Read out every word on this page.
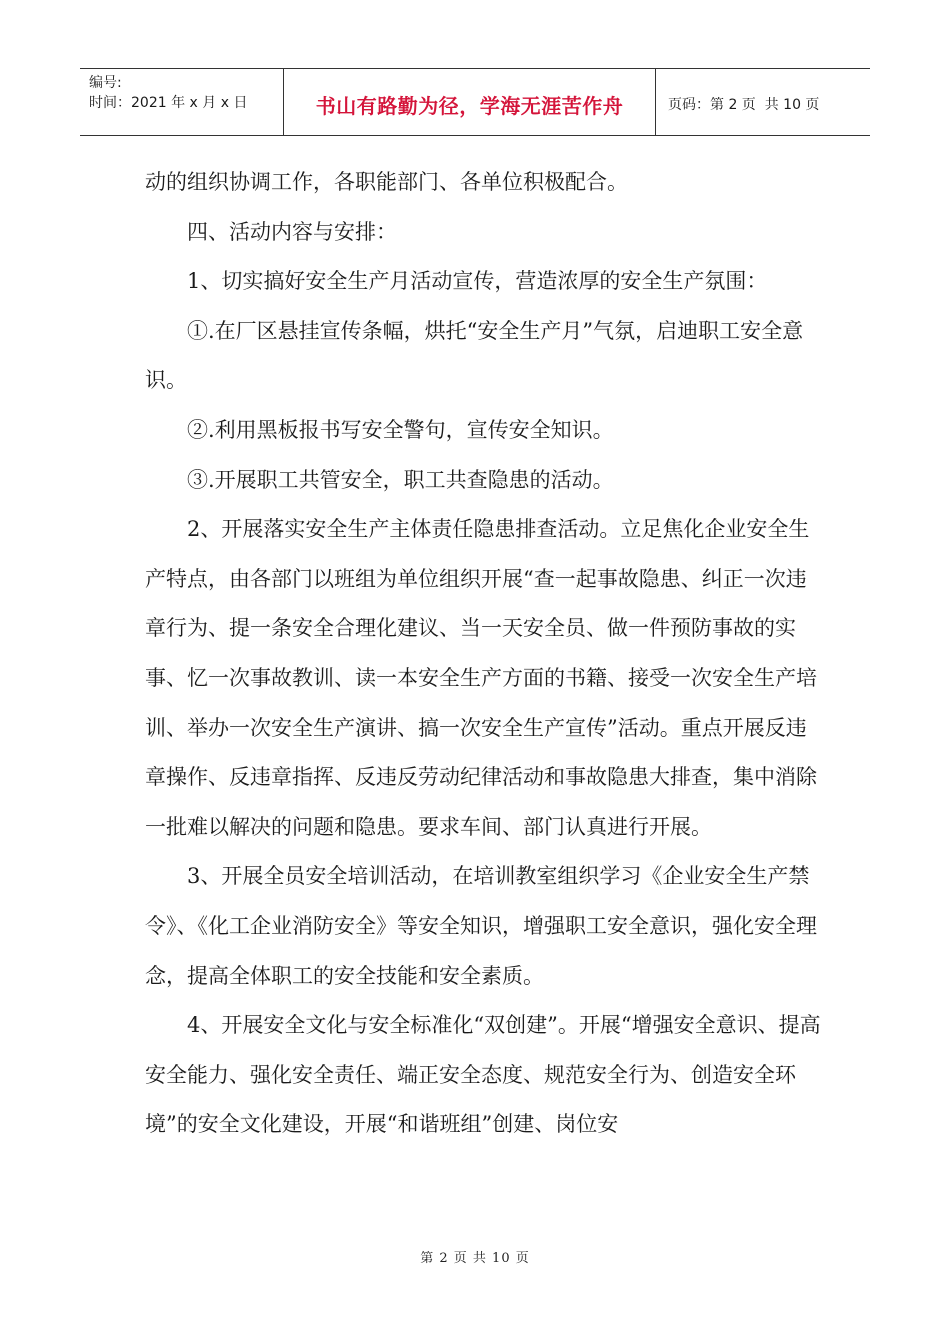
编号:
时间：2021 年 x 月 x 日	书山有路勤为径，学海无涯苦作舟	页码：第 2 页  共 10 页

动的组织协调工作，各职能部门、各单位积极配合。

四、活动内容与安排：

1、切实搞好安全生产月活动宣传，营造浓厚的安全生产氛围：

①.在厂区悬挂宣传条幅，烘托“安全生产月”气氛，启迪职工安全意识。

②.利用黑板报书写安全警句，宣传安全知识。

③.开展职工共管安全，职工共查隐患的活动。

2、开展落实安全生产主体责任隐患排查活动。立足焦化企业安全生产特点，由各部门以班组为单位组织开展“查一起事故隐患、纠正一次违章行为、提一条安全合理化建议、当一天安全员、做一件预防事故的实事、忆一次事故教训、读一本安全生产方面的书籍、接受一次安全生产培训、举办一次安全生产演讲、搞一次安全生产宣传”活动。重点开展反违章操作、反违章指挥、反违反劳动纪律活动和事故隐患大排查，集中消除一批难以解决的问题和隐患。要求车间、部门认真进行开展。

3、开展全员安全培训活动，在培训教室组织学习《企业安全生产禁令》、《化工企业消防安全》等安全知识，增强职工安全意识，强化安全理念，提高全体职工的安全技能和安全素质。

4、开展安全文化与安全标准化“双创建”。开展“增强安全意识、提高安全能力、强化安全责任、端正安全态度、规范安全行为、创造安全环境”的安全文化建设，开展“和谐班组”创建、岗位安

第 2 页 共 10 页
